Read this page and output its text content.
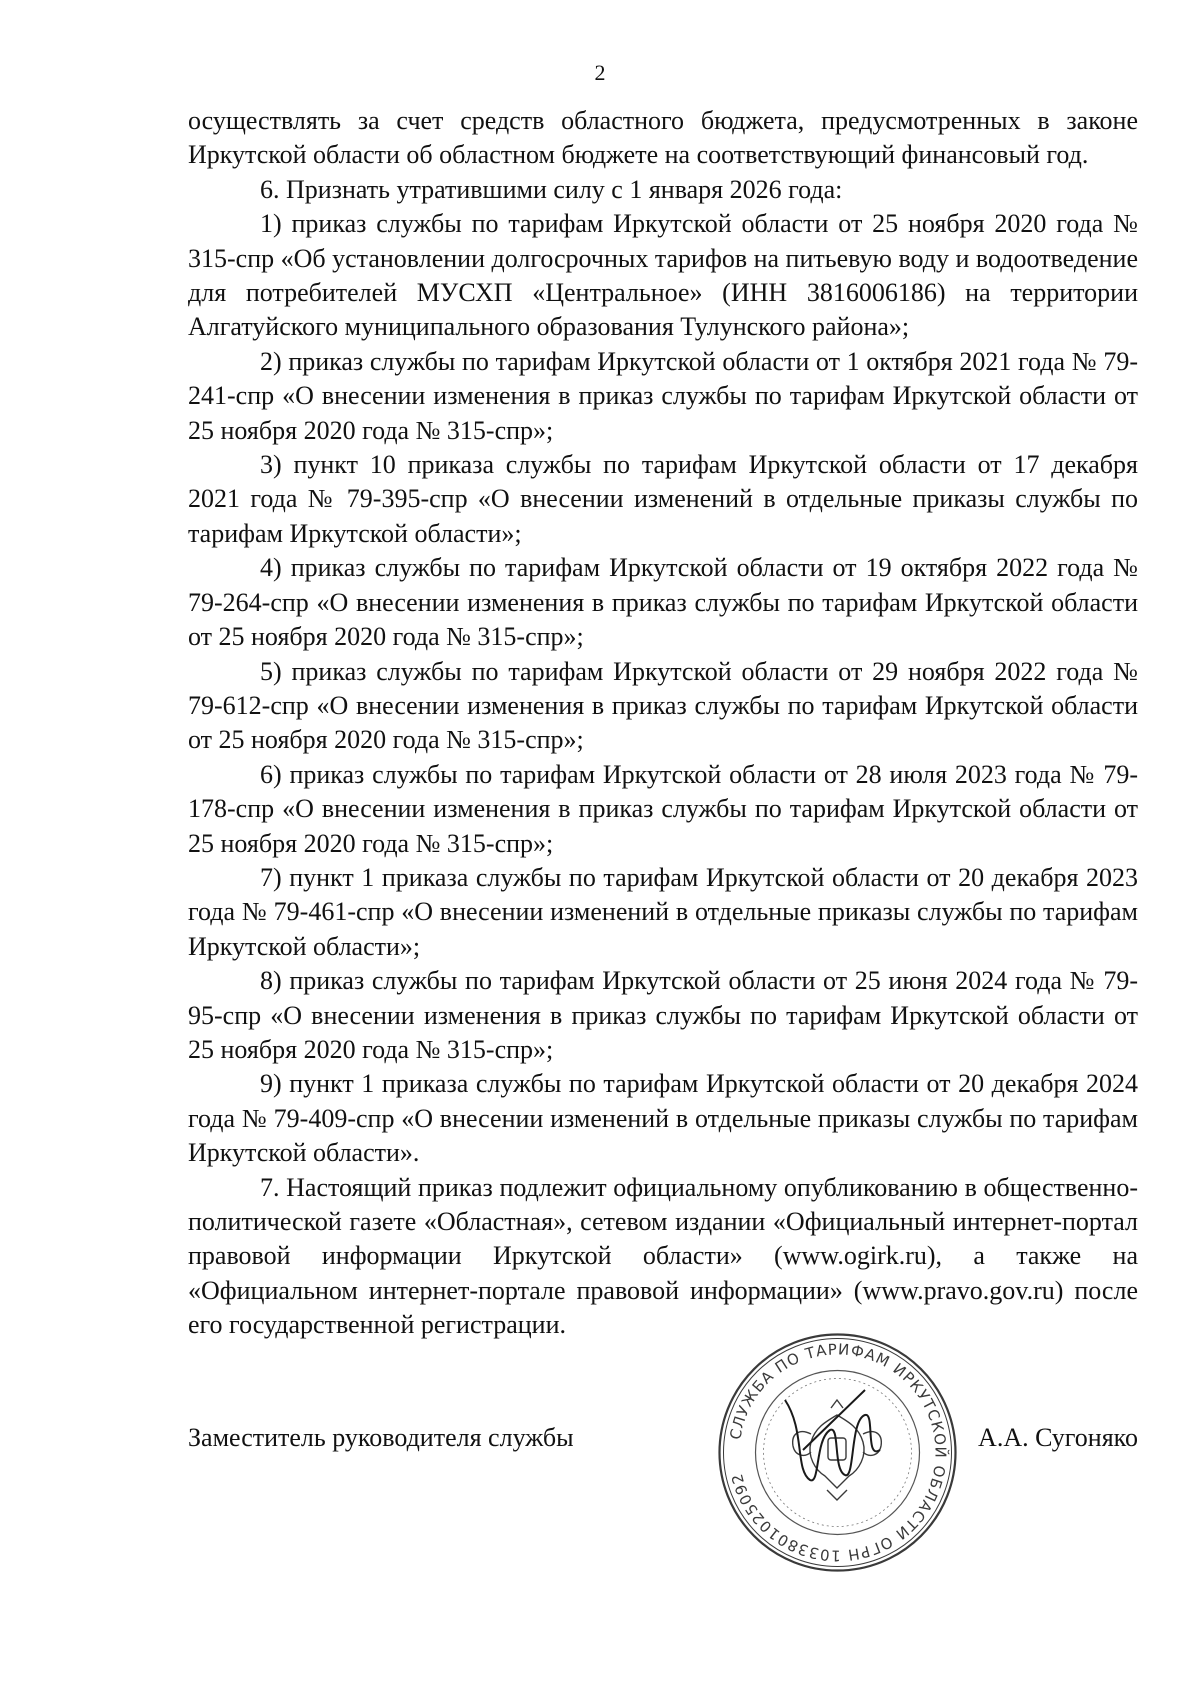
2

осуществлять за счет средств областного бюджета, предусмотренных в законе Иркутской области об областном бюджете на соответствующий финансовый год.

6. Признать утратившими силу с 1 января 2026 года:

1) приказ службы по тарифам Иркутской области от 25 ноября 2020 года № 315-спр «Об установлении долгосрочных тарифов на питьевую воду и водоотведение для потребителей МУСХП «Центральное» (ИНН 3816006186) на территории Алгатуйского муниципального образования Тулунского района»;

2) приказ службы по тарифам Иркутской области от 1 октября 2021 года № 79-241-спр «О внесении изменения в приказ службы по тарифам Иркутской области от 25 ноября 2020 года № 315-спр»;

3) пункт 10 приказа службы по тарифам Иркутской области от 17 декабря 2021 года № 79-395-спр «О внесении изменений в отдельные приказы службы по тарифам Иркутской области»;

4) приказ службы по тарифам Иркутской области от 19 октября 2022 года № 79-264-спр «О внесении изменения в приказ службы по тарифам Иркутской области от 25 ноября 2020 года № 315-спр»;

5) приказ службы по тарифам Иркутской области от 29 ноября 2022 года № 79-612-спр «О внесении изменения в приказ службы по тарифам Иркутской области от 25 ноября 2020 года № 315-спр»;

6) приказ службы по тарифам Иркутской области от 28 июля 2023 года № 79-178-спр «О внесении изменения в приказ службы по тарифам Иркутской области от 25 ноября 2020 года № 315-спр»;

7) пункт 1 приказа службы по тарифам Иркутской области от 20 декабря 2023 года № 79-461-спр «О внесении изменений в отдельные приказы службы по тарифам Иркутской области»;

8) приказ службы по тарифам Иркутской области от 25 июня 2024 года № 79-95-спр «О внесении изменения в приказ службы по тарифам Иркутской области от 25 ноября 2020 года № 315-спр»;

9) пункт 1 приказа службы по тарифам Иркутской области от 20 декабря 2024 года № 79-409-спр «О внесении изменений в отдельные приказы службы по тарифам Иркутской области».

7. Настоящий приказ подлежит официальному опубликованию в общественно-политической газете «Областная», сетевом издании «Официальный интернет-портал правовой информации Иркутской области» (www.ogirk.ru), а также на «Официальном интернет-портале правовой информации» (www.pravo.gov.ru) после его государственной регистрации.

Заместитель руководителя службы	А.А. Сугоняко
СЛУЖБА ПО ТАРИФАМ ИРКУТСКОЙ ОБЛАСТИ ОГРН 1033801025092
